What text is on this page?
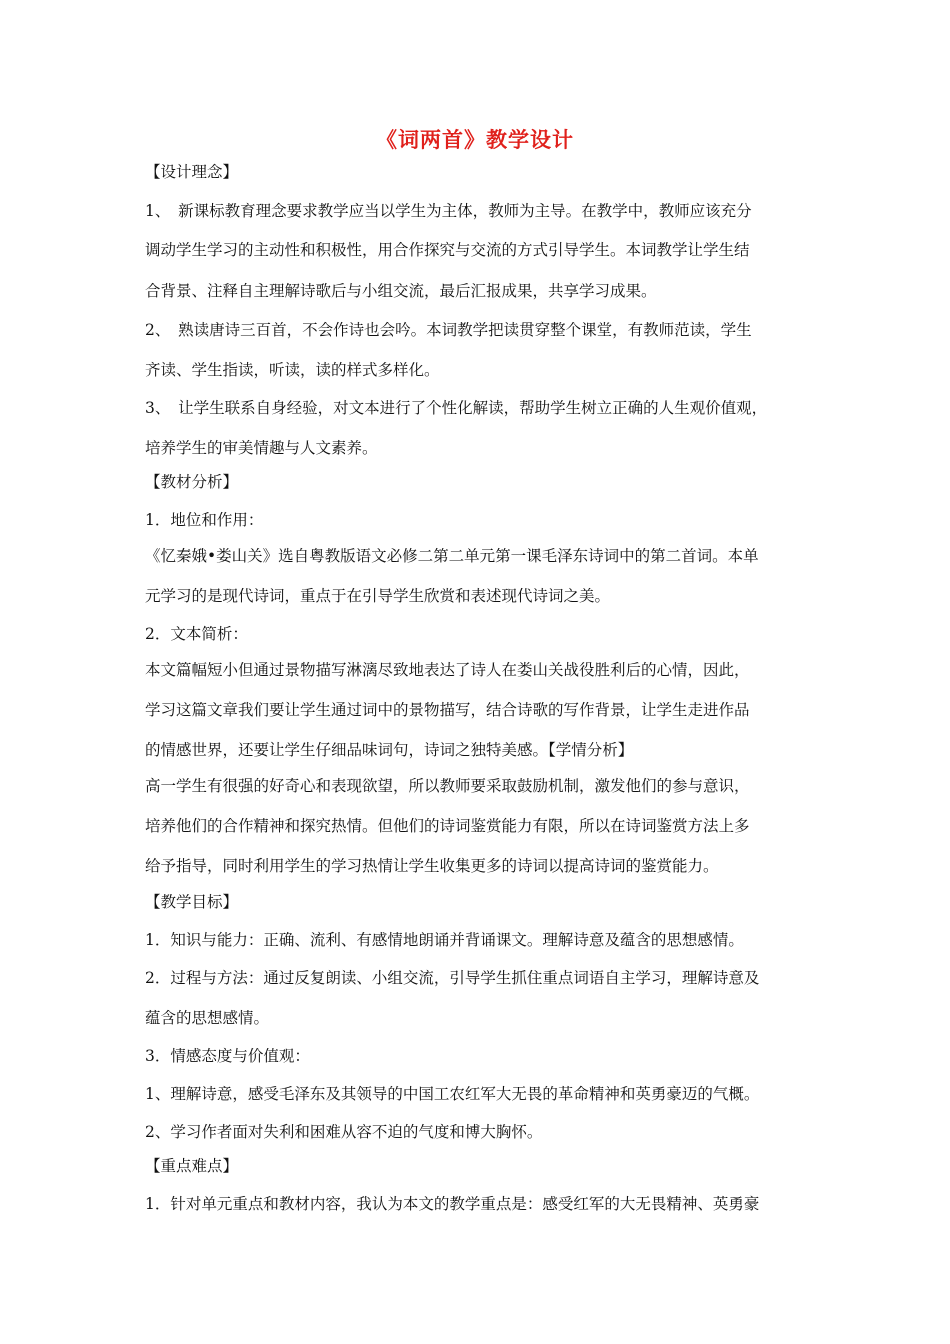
《词两首》教学设计
【设计理念】
1、　新课标教育理念要求教学应当以学生为主体，教师为主导。在教学中，教师应该充分
调动学生学习的主动性和积极性，用合作探究与交流的方式引导学生。本词教学让学生结
合背景、注释自主理解诗歌后与小组交流，最后汇报成果，共享学习成果。
2、　熟读唐诗三百首，不会作诗也会吟。本词教学把读贯穿整个课堂，有教师范读，学生
齐读、学生指读，听读，读的样式多样化。
3、　让学生联系自身经验，对文本进行了个性化解读，帮助学生树立正确的人生观价值观，
培养学生的审美情趣与人文素养。
【教材分析】
1．地位和作用：
《忆秦娥•娄山关》选自粤教版语文必修二第二单元第一课毛泽东诗词中的第二首词。本单
元学习的是现代诗词，重点于在引导学生欣赏和表述现代诗词之美。
2．文本简析：
本文篇幅短小但通过景物描写淋漓尽致地表达了诗人在娄山关战役胜利后的心情，因此，
学习这篇文章我们要让学生通过词中的景物描写，结合诗歌的写作背景，让学生走进作品
的情感世界，还要让学生仔细品味词句，诗词之独特美感。【学情分析】
高一学生有很强的好奇心和表现欲望，所以教师要采取鼓励机制，激发他们的参与意识，
培养他们的合作精神和探究热情。但他们的诗词鉴赏能力有限，所以在诗词鉴赏方法上多
给予指导，同时利用学生的学习热情让学生收集更多的诗词以提高诗词的鉴赏能力。
【教学目标】
1．知识与能力：正确、流利、有感情地朗诵并背诵课文。理解诗意及蕴含的思想感情。
2．过程与方法：通过反复朗读、小组交流，引导学生抓住重点词语自主学习，理解诗意及
蕴含的思想感情。
3．情感态度与价值观：
1、理解诗意，感受毛泽东及其领导的中国工农红军大无畏的革命精神和英勇豪迈的气概。
2、学习作者面对失利和困难从容不迫的气度和博大胸怀。
【重点难点】
1．针对单元重点和教材内容，我认为本文的教学重点是：感受红军的大无畏精神、英勇豪
